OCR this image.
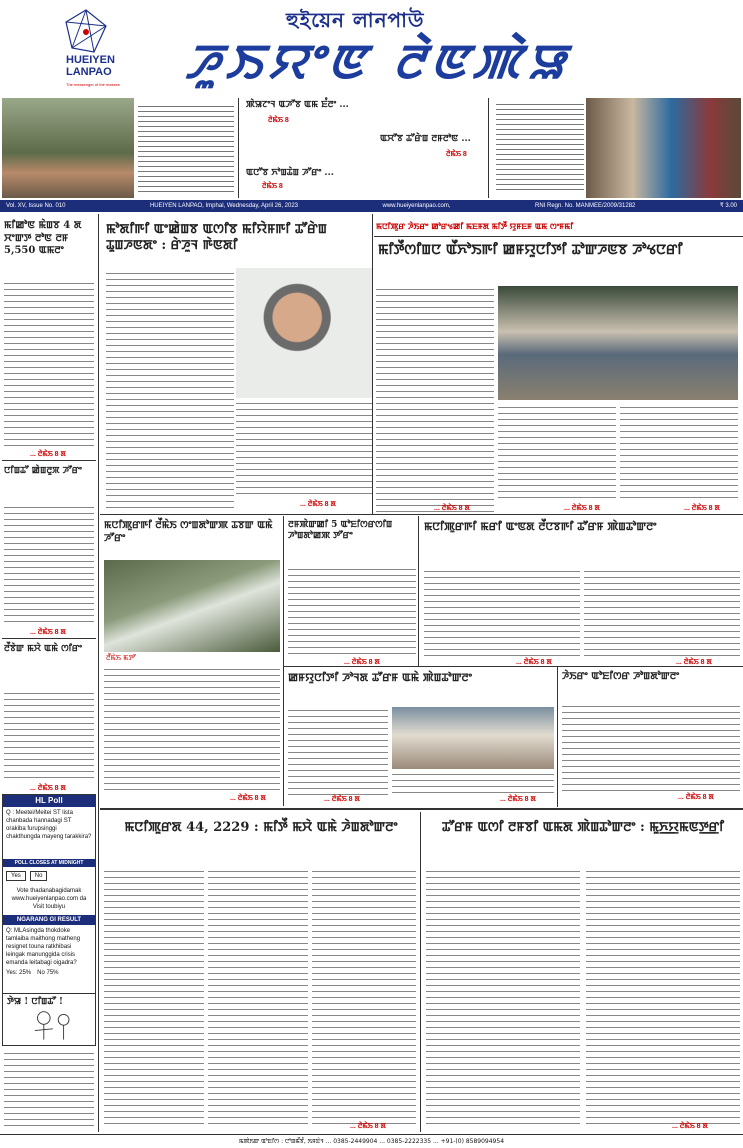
HUEIYEN
LANPAO
The messenger of the masses
হুইয়েন লানপাউ
ꯍꯨꯏꯌꯦꯟ ꯂꯥꯟꯄꯥꯎ
ꯄꯥꯎꯖꯦꯜ ꯑꯍꯧꯕ ꯑꯃ ꯐꯪꯂꯦ ...
ꯂꯥꯃꯥꯏ 8
ꯑꯆꯧꯕ ꯊꯧꯔꯥꯡ ꯂꯝꯂꯣꯟ ...
ꯂꯥꯃꯥꯏ 8
ꯑꯅꯧꯕ ꯈꯣꯡꯊꯥꯡ ꯍꯧꯔꯦ ...
ꯂꯥꯃꯥꯏ 8
Vol. XV, Issue No. 010	HUEIYEN LANPAO, Imphal, Wednesday, April 26, 2023	www.hueiyenlanpao.com,	RNI Regn. No. MANMEE/2009/31282	₹ 3.00
ꯃꯤꯀꯣꯟ ꯃꯥꯡꯕ 4 ꯗ ꯆꯦꯛꯇ ꯂꯣꯟ ꯂꯝ 5,550 ꯑꯃꯂꯦ
... ꯂꯥꯃꯥꯏ 8 ꯗ
ꯅꯤꯡꯊꯧ ꯀꯥꯡꯂꯨꯞ ꯍꯧꯔꯦ
... ꯂꯥꯃꯥꯏ 8 ꯗ
ꯂꯩꯕꯥꯛ ꯃꯆꯥ ꯑꯃꯥ ꯁꯤꯔꯦ
... ꯂꯥꯃꯥꯏ 8 ꯗ
HL Poll
Q : Meetei/Meitei ST lista chanbada hannadagi ST orakiba furupsinggi chakthungda mayeng tarakkira?
POLL CLOSES AT MIDNIGHT
Yes	No
Vote thadanabagidamak www.hueiyenlanpao.com da Visit toubiyu
NGARANG GI RESULT
Q: MLAsingda thokdoke tamlaiba maithong matheng resignet touna ratkhibasi leingak manunggida crisis emanda leitabagi oigadra?
Yes: 25% No 75%
ꯇꯥꯎ ! ꯅꯤꯡꯊꯧ !
ꯃꯣꯗꯤꯒꯤ ꯑꯦꯀꯥꯡꯕ ꯑꯁꯤꯕ ꯃꯤꯌꯥꯝꯒꯤ ꯊꯧꯔꯥꯡ ꯊꯨꯡꯍꯟꯗꯦ : ꯔꯥꯍꯨꯜ ꯒꯥꯟꯗꯤ
... ꯂꯥꯃꯥꯏ 8 ꯗ
ꯃꯅꯤꯄꯨꯔ ꯍꯥꯏꯔꯦ ꯀꯣꯔꯠꯀꯤ ꯃꯐꯝꯗ ꯃꯤꯇꯩ ꯌꯨꯝꯐꯝ ꯑꯃ ꯁꯦꯝꯃꯤ
ꯃꯤꯇꯩꯁꯤꯡꯅ ꯑꯩꯈꯣꯏꯒꯤ ꯀꯝꯌꯨꯅꯤꯇꯤ ꯊꯣꯛꯍꯟꯕ ꯍꯣꯠꯅꯔꯤ
... ꯂꯥꯃꯥꯏ 8 ꯗ	... ꯂꯥꯃꯥꯏ 8 ꯗ	... ꯂꯥꯃꯥꯏ 8 ꯗ
ꯃꯅꯤꯄꯨꯔꯒꯤ ꯂꯩꯃꯥꯏ ꯁꯦꯡꯗꯣꯛꯄ ꯊꯕꯛ ꯑꯃꯥ ꯍꯧꯔꯦ
ꯂꯩꯃꯥꯏ ꯃꯇꯧ
... ꯂꯥꯃꯥꯏ 8 ꯗ
ꯂꯝꯄꯥꯛꯀꯤ 5 ꯑꯣꯐꯤꯁꯔꯁꯤꯡ ꯍꯣꯡꯗꯣꯀꯄ ꯇꯧꯔꯦ
... ꯂꯥꯃꯥꯏ 8 ꯗ
ꯃꯅꯤꯄꯨꯔꯒꯤ ꯃꯔꯤ ꯑꯦꯟꯗ ꯂꯩꯅꯕꯒꯤ ꯊꯧꯔꯝ ꯄꯥꯡꯊꯣꯛꯂꯦ
... ꯂꯥꯃꯥꯏ 8 ꯗ	... ꯂꯥꯃꯥꯏ 8 ꯗ
ꯀꯝꯌꯨꯅꯤꯇꯤ ꯍꯣꯜꯗ ꯊꯧꯔꯝ ꯑꯃꯥ ꯄꯥꯡꯊꯣꯛꯂꯦ
... ꯂꯥꯃꯥꯏ 8 ꯗ	... ꯂꯥꯃꯥꯏ 8 ꯗ
ꯍꯥꯏꯔꯦ ꯑꯣꯐꯤꯁꯔ ꯍꯣꯡꯗꯣꯛꯂꯦ
... ꯂꯥꯃꯥꯏ 8 ꯗ
ꯃꯅꯤꯄꯨꯔꯗ 44, 2229 : ꯃꯤꯇꯩ ꯃꯆꯥ ꯑꯃꯥ ꯍꯥꯡꯗꯣꯛꯂꯦ
... ꯂꯥꯃꯥꯏ 8 ꯗ
ꯊꯧꯔꯝ ꯑꯁꯤ ꯂꯝꯕꯤ ꯑꯃꯗ ꯄꯥꯡꯊꯣꯛꯂꯦ : ꯃꯨꯈ꯭ꯌꯃꯟꯇ꯭ꯔꯤ
... ꯂꯥꯃꯥꯏ 8 ꯗ
ꯃꯄꯥꯏꯛ ꯑꯣꯐꯤꯁ : ꯅꯣꯡꯃꯩꯕꯪ, ꯏꯝꯐꯥꯜ ... 0385-2449904 ... 0385-2222335 ... +91-(0) 8589094954
